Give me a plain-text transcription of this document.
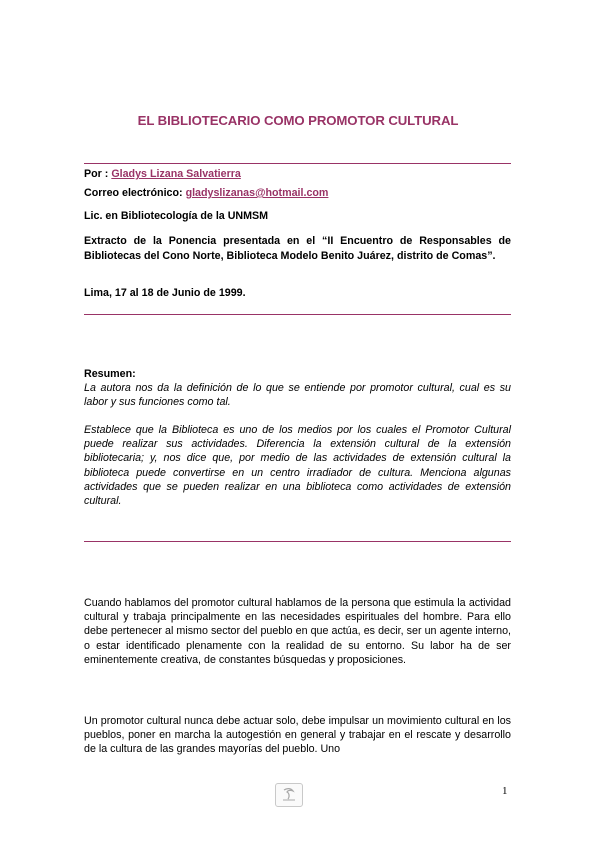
EL BIBLIOTECARIO COMO PROMOTOR CULTURAL
Por : Gladys Lizana Salvatierra
Correo electrónico: gladyslizanas@hotmail.com
Lic. en Bibliotecología de la UNMSM
Extracto de la Ponencia presentada en el “II Encuentro de Responsables de Bibliotecas del Cono Norte, Biblioteca Modelo Benito Juárez, distrito de Comas”.
Lima, 17 al 18 de Junio de 1999.
Resumen:
La autora nos da la definición de lo que se entiende por promotor cultural, cual es su labor y sus funciones como tal.
Establece que la Biblioteca es uno de los medios por los cuales el Promotor Cultural puede realizar sus actividades. Diferencia la extensión cultural de la extensión bibliotecaria; y, nos dice que, por medio de las actividades de extensión cultural la biblioteca puede convertirse en un centro irradiador de cultura. Menciona algunas actividades que se pueden realizar en una biblioteca como actividades de extensión cultural.
Cuando hablamos del promotor cultural hablamos de la persona que estimula la actividad cultural y trabaja principalmente en las necesidades espirituales del hombre. Para ello debe pertenecer al mismo sector del pueblo en que actúa, es decir, ser un agente interno, o estar identificado plenamente con la realidad de su entorno. Su labor ha de ser eminentemente creativa, de constantes búsquedas y proposiciones.
Un promotor cultural nunca debe actuar solo, debe impulsar un movimiento cultural en los pueblos, poner en marcha la autogestión en general y trabajar en el rescate y desarrollo de la cultura de las grandes mayorías del pueblo. Uno
1
